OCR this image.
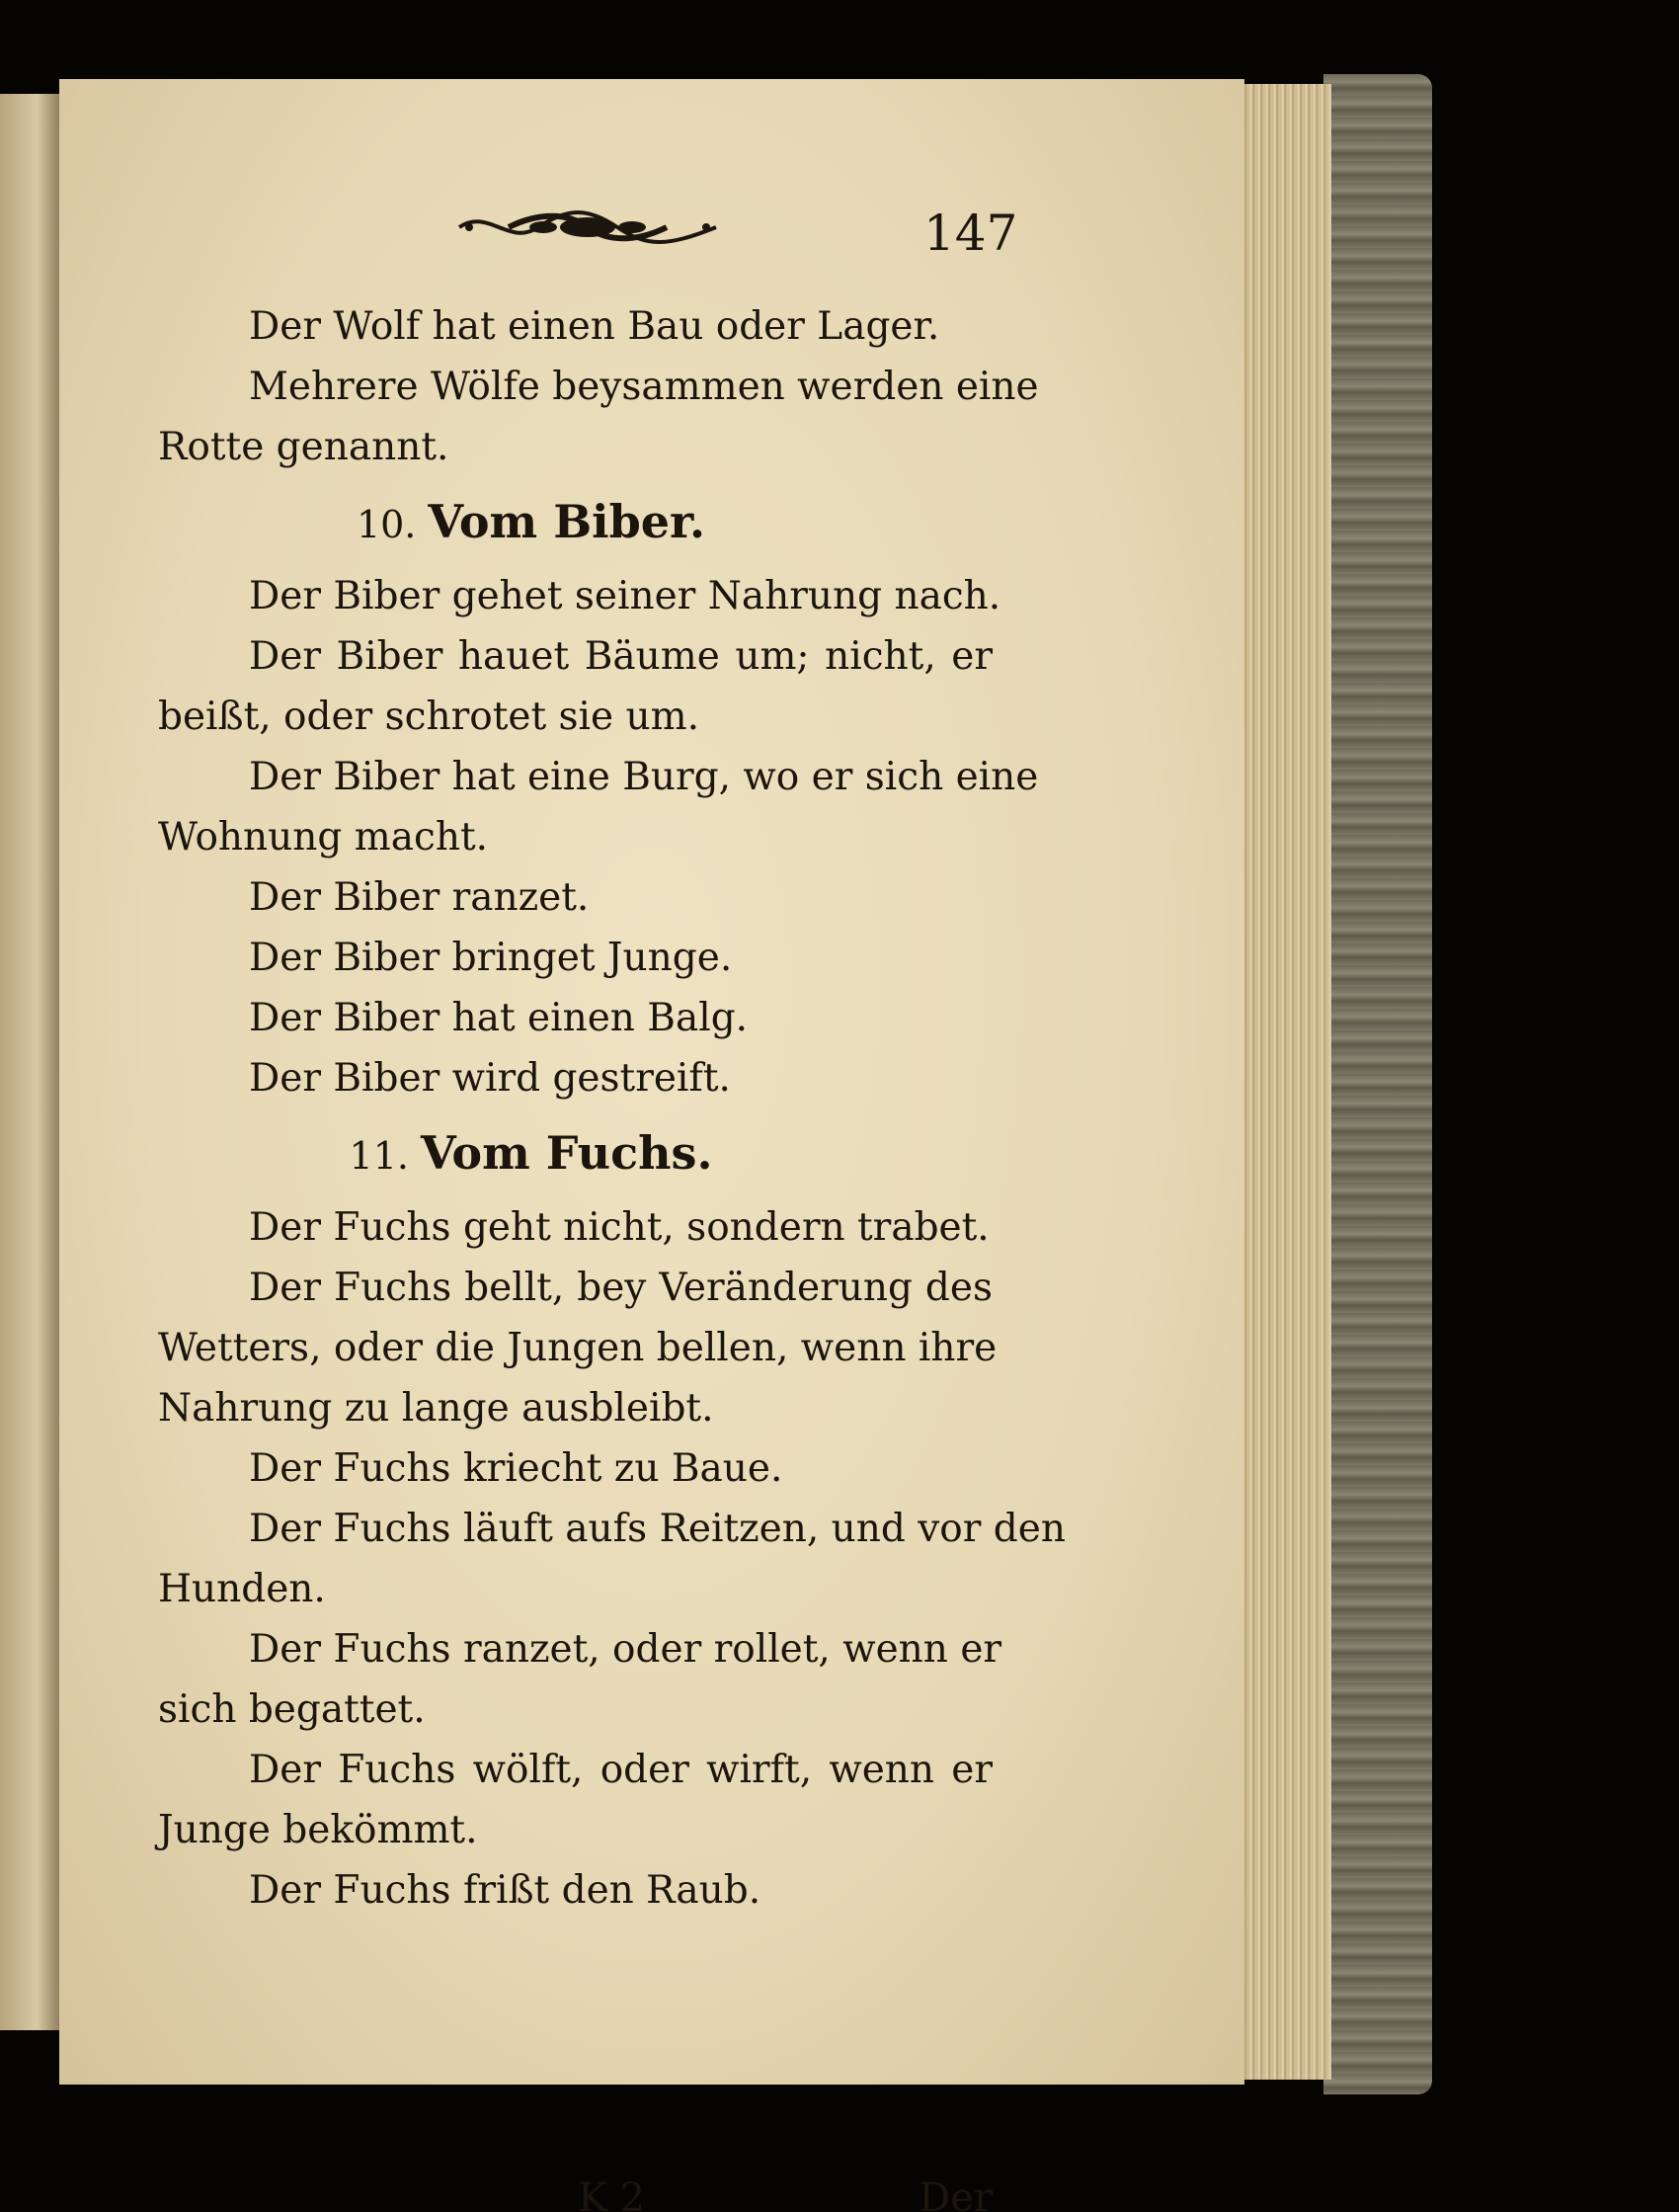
147
Der Wolf hat einen Bau oder Lager.
Mehrere Wölfe beysammen werden eine
Rotte genannt.
10. Vom Biber.
Der Biber gehet seiner Nahrung nach.
Der Biber hauet Bäume um; nicht, er
beißt, oder schrotet sie um.
Der Biber hat eine Burg, wo er sich eine
Wohnung macht.
Der Biber ranzet.
Der Biber bringet Junge.
Der Biber hat einen Balg.
Der Biber wird gestreift.
11. Vom Fuchs.
Der Fuchs geht nicht, sondern trabet.
Der Fuchs bellt, bey Veränderung des
Wetters, oder die Jungen bellen, wenn ihre
Nahrung zu lange ausbleibt.
Der Fuchs kriecht zu Baue.
Der Fuchs läuft aufs Reitzen, und vor den
Hunden.
Der Fuchs ranzet, oder rollet, wenn er
sich begattet.
Der Fuchs wölft, oder wirft, wenn er
Junge bekömmt.
Der Fuchs frißt den Raub.
K 2	Der
